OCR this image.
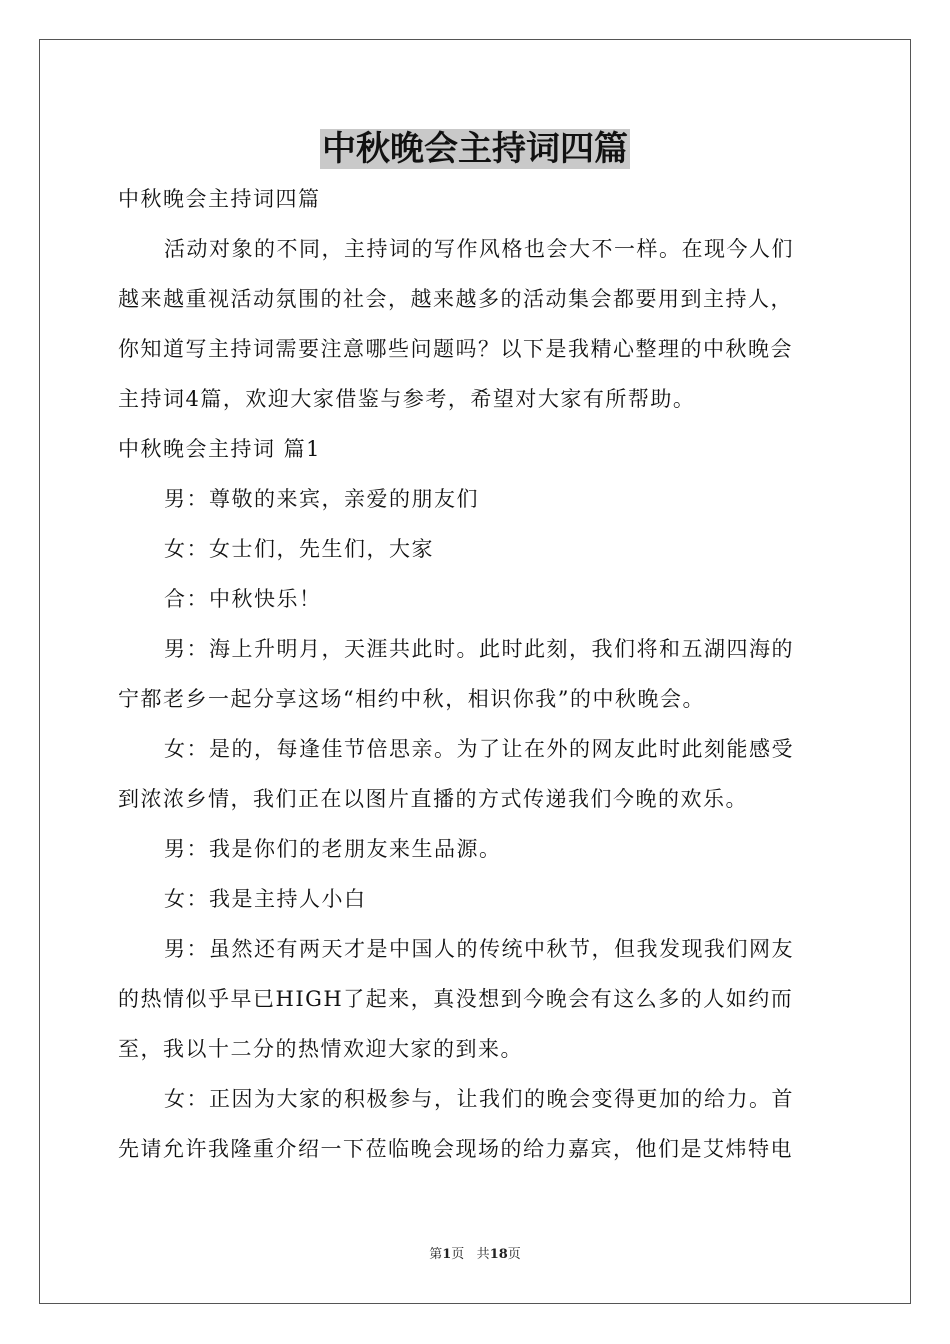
中秋晚会主持词四篇

中秋晚会主持词四篇

活动对象的不同，主持词的写作风格也会大不一样。在现今人们

越来越重视活动氛围的社会，越来越多的活动集会都要用到主持人，

你知道写主持词需要注意哪些问题吗？以下是我精心整理的中秋晚会

主持词4篇，欢迎大家借鉴与参考，希望对大家有所帮助。

中秋晚会主持词 篇1

男：尊敬的来宾，亲爱的朋友们

女：女士们，先生们，大家

合：中秋快乐！

男：海上升明月，天涯共此时。此时此刻，我们将和五湖四海的

宁都老乡一起分享这场“相约中秋，相识你我”的中秋晚会。

女：是的，每逢佳节倍思亲。为了让在外的网友此时此刻能感受

到浓浓乡情，我们正在以图片直播的方式传递我们今晚的欢乐。

男：我是你们的老朋友来生品源。

女：我是主持人小白

男：虽然还有两天才是中国人的传统中秋节，但我发现我们网友

的热情似乎早已HIGH了起来，真没想到今晚会有这么多的人如约而

至，我以十二分的热情欢迎大家的到来。

女：正因为大家的积极参与，让我们的晚会变得更加的给力。首

先请允许我隆重介绍一下莅临晚会现场的给力嘉宾，他们是艾炜特电

第1页 共18页
